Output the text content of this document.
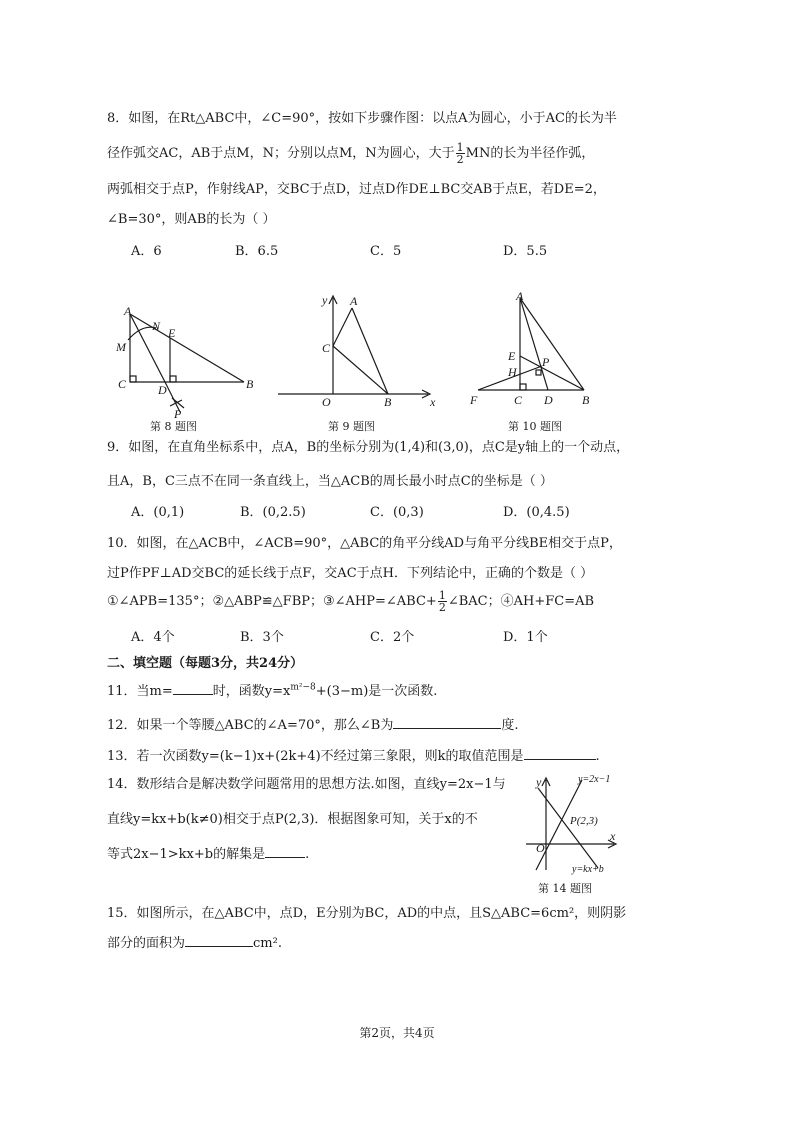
8．如图，在Rt△ABC中，∠C=90°，按如下步骤作图：以点A为圆心，小于AC的长为半
径作弧交AC，AB于点M，N；分别以点M，N为圆心，大于 $\frac{1}{2}$ MN的长为半径作弧，
两弧相交于点P，作射线AP，交BC于点D，过点D作DE⊥BC交AB于点E，若DE=2，
∠B=30°，则AB的长为（ ）
A．6	B．6.5	C．5	D．5.5
A
N E
M
C	D	B
P
第 8 题图
y A
C
O	B	x
第 9 题图
A
E
H
P
F	C D B
第 10 题图
9．如图，在直角坐标系中，点A，B的坐标分别为(1,4)和(3,0)，点C是y轴上的一个动点，
且A，B，C三点不在同一条直线上，当△ACB的周长最小时点C的坐标是（ ）
A．(0,1)	B．(0,2.5)	C．(0,3)	D．(0,4.5)
10．如图，在△ACB中，∠ACB=90°，△ABC的角平分线AD与角平分线BE相交于点P，
过P作PF⊥AD交BC的延长线于点F，交AC于点H．下列结论中，正确的个数是（ ）
①∠APB=135°；②△ABP≌△FBP；③∠AHP=∠ABC+ $\frac{1}{2}$ ∠BAC；④AH+FC=AB
A．4个	B．3个	C．2个	D．1个
二、填空题（每题3分，共24分）
11．当m=	时，函数$y=x^{m^2-8}+(3-m)$是一次函数.
12．如果一个等腰△ABC的∠A=70°，那么∠B为	度.
13．若一次函数y=(k−1)x+(2k+4)不经过第三象限，则k的取值范围是	.
14．数形结合是解决数学问题常用的思想方法.如图，直线y=2x−1与
直线y=kx+b(k≠0)相交于点P(2,3)．根据图象可知，关于x的不
等式2x−1>kx+b的解集是	.
y	y=2x−1
P(2,3)
O
x
y=kx+b
第 14 题图
15．如图所示，在△ABC中，点D，E分别为BC，AD的中点，且S△ABC=6cm²，则阴影
部分的面积为	cm².
第2页，共4页
